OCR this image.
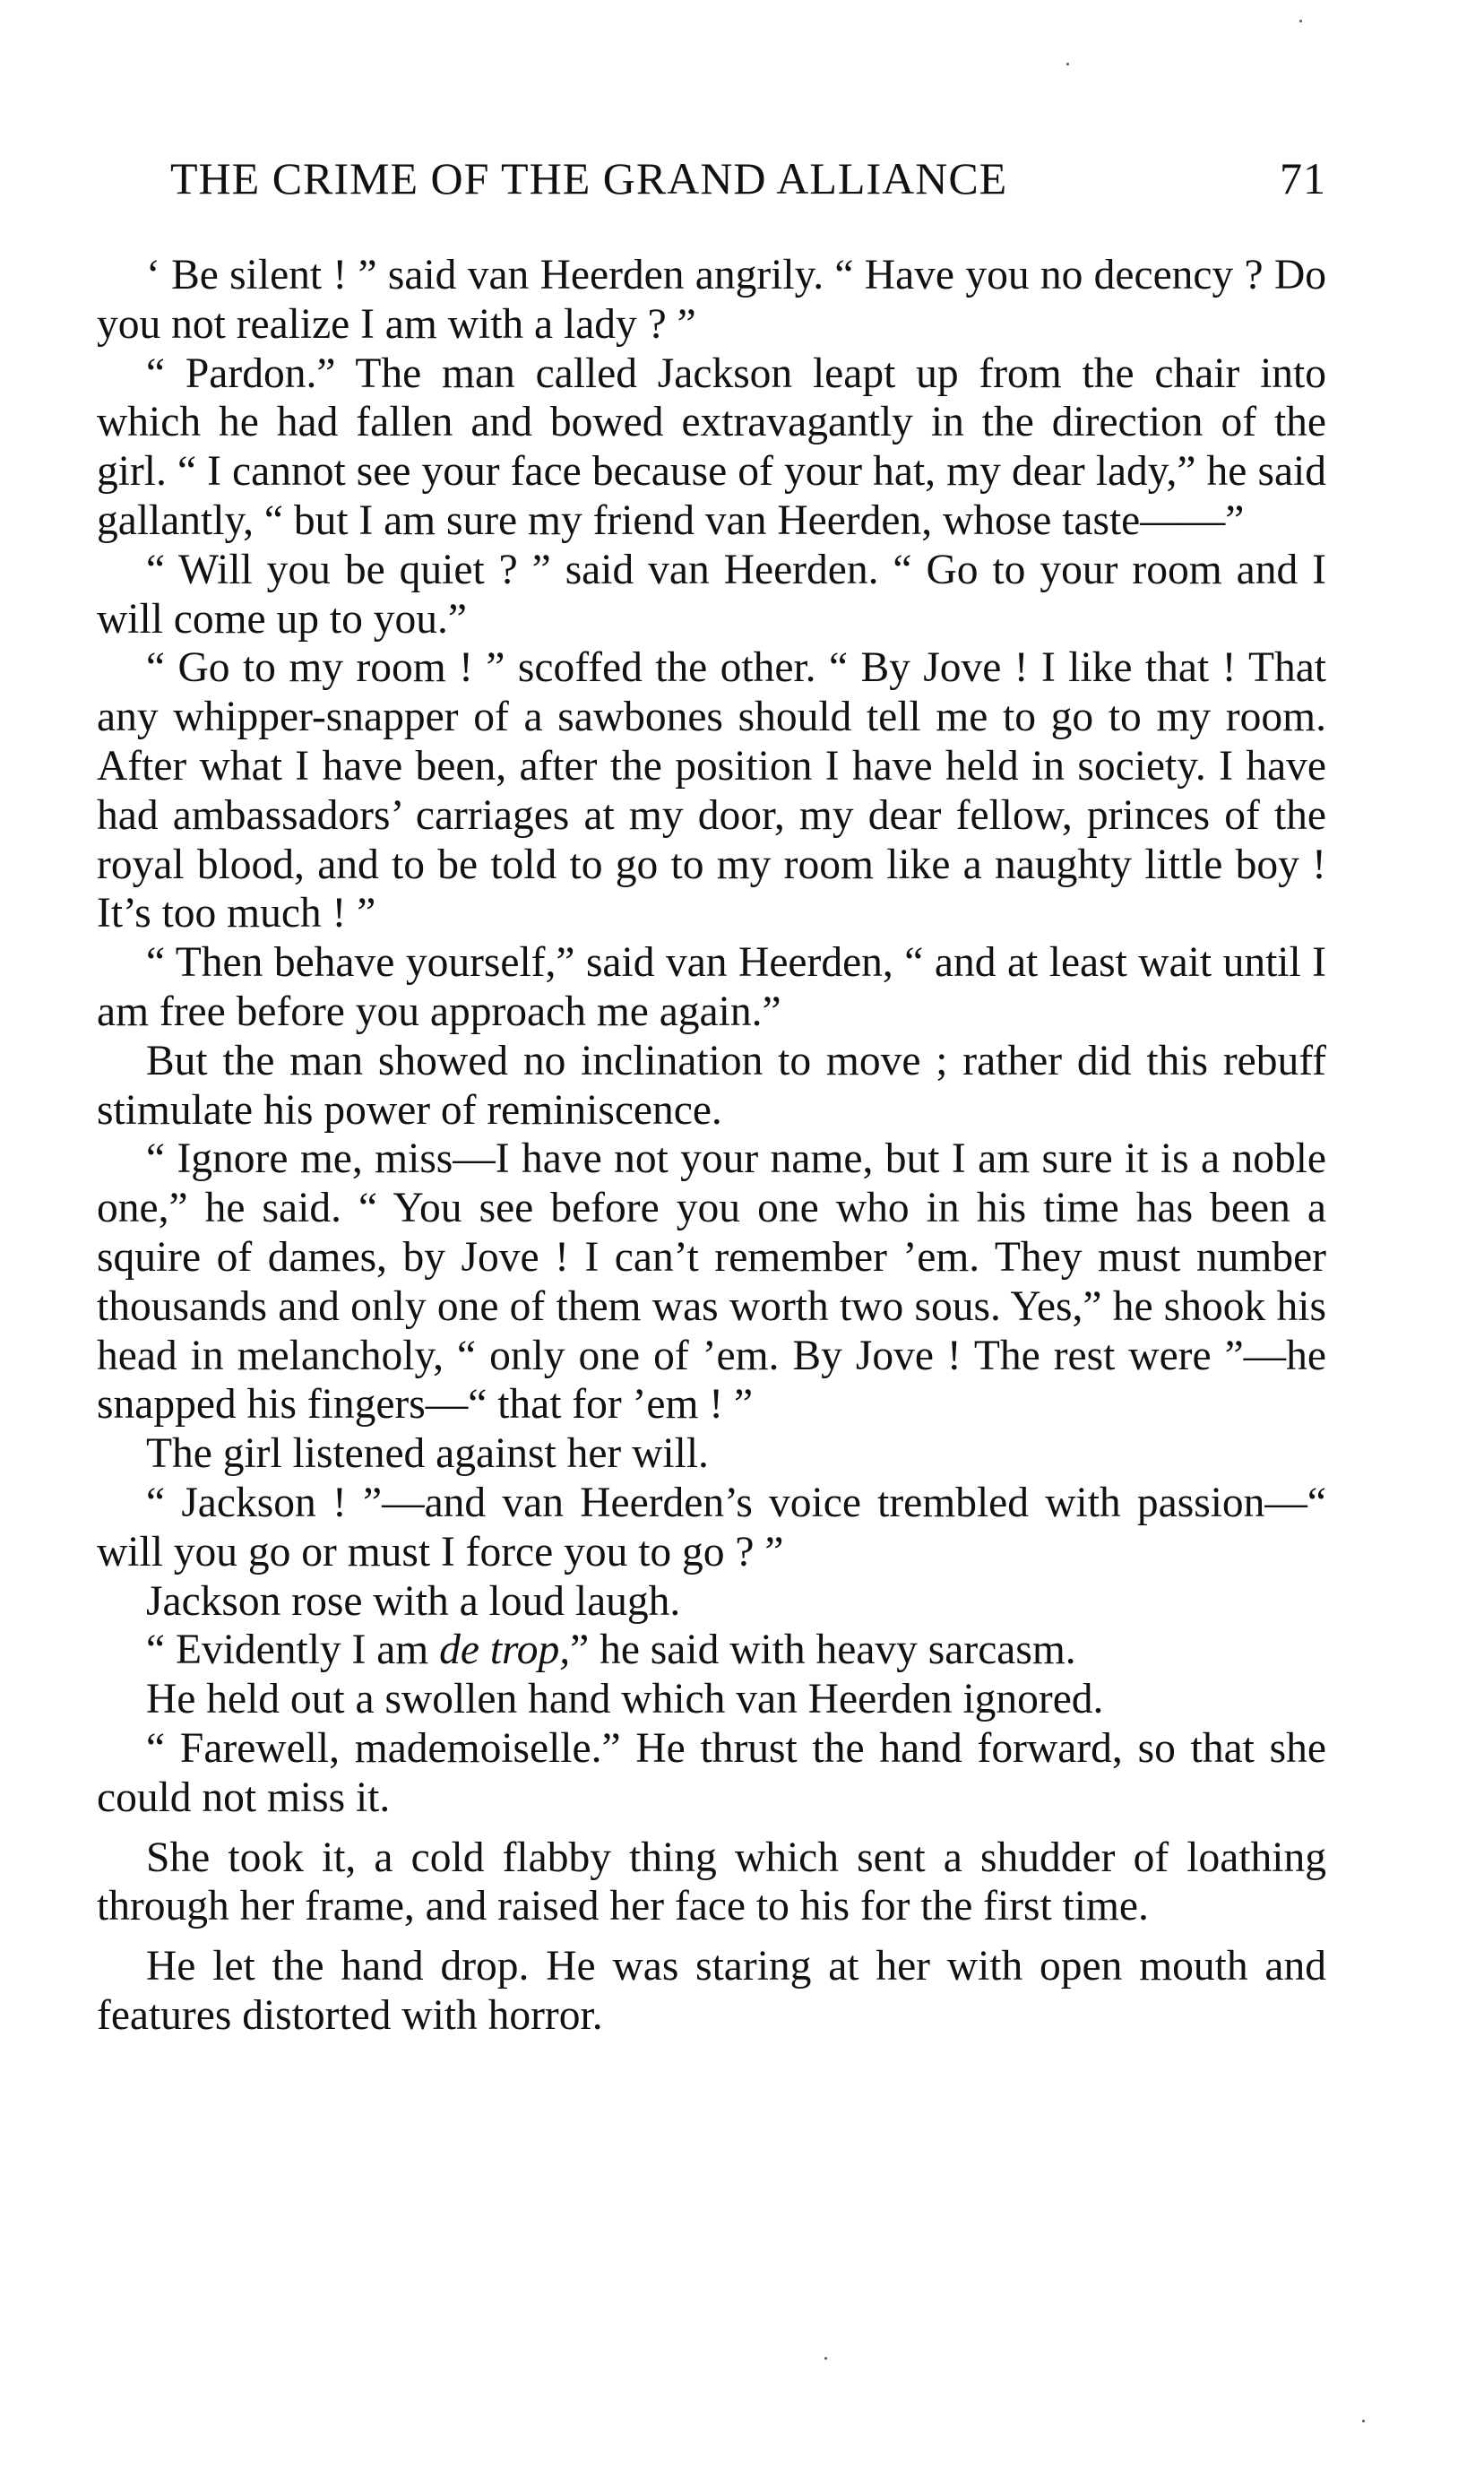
THE CRIME OF THE GRAND ALLIANCE	71

‘ Be silent ! ” said van Heerden angrily. “ Have you no decency ? Do you not realize I am with a lady ? ”

“ Pardon.” The man called Jackson leapt up from the chair into which he had fallen and bowed extravagantly in the direction of the girl. “ I cannot see your face because of your hat, my dear lady,” he said gallantly, “ but I am sure my friend van Heerden, whose taste——”

“ Will you be quiet ? ” said van Heerden. “ Go to your room and I will come up to you.”

“ Go to my room ! ” scoffed the other. “ By Jove ! I like that ! That any whipper-snapper of a sawbones should tell me to go to my room. After what I have been, after the position I have held in society. I have had ambassadors’ carriages at my door, my dear fellow, princes of the royal blood, and to be told to go to my room like a naughty little boy ! It’s too much ! ”

“ Then behave yourself,” said van Heerden, “ and at least wait until I am free before you approach me again.”

But the man showed no inclination to move ; rather did this rebuff stimulate his power of reminiscence.

“ Ignore me, miss—I have not your name, but I am sure it is a noble one,” he said. “ You see before you one who in his time has been a squire of dames, by Jove ! I can’t remember ’em. They must number thousands and only one of them was worth two sous. Yes,” he shook his head in melancholy, “ only one of ’em. By Jove ! The rest were ”—he snapped his fingers—“ that for ’em ! ”

The girl listened against her will.

“ Jackson ! ”—and van Heerden’s voice trembled with passion—“ will you go or must I force you to go ? ”

Jackson rose with a loud laugh.

“ Evidently I am de trop,” he said with heavy sarcasm.

He held out a swollen hand which van Heerden ignored.

“ Farewell, mademoiselle.” He thrust the hand forward, so that she could not miss it.

She took it, a cold flabby thing which sent a shudder of loathing through her frame, and raised her face to his for the first time.

He let the hand drop. He was staring at her with open mouth and features distorted with horror.
